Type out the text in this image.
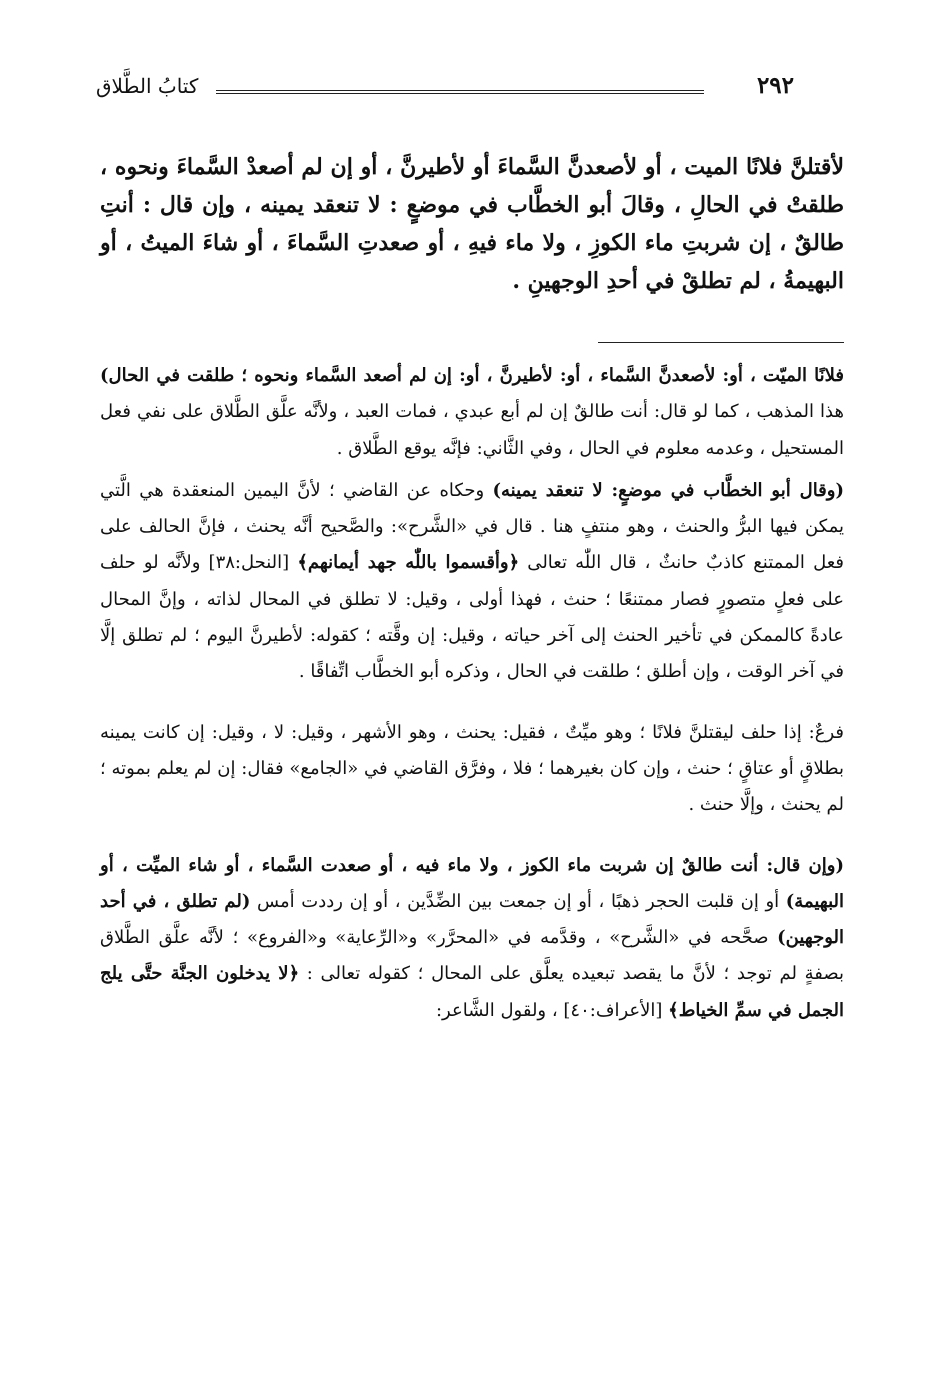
٢٩٢
كتابُ الطَّلاق

لأقتلنَّ فلانًا الميت ، أو لأصعدنَّ السَّماءَ أو لأطيرنَّ ، أو إن لم أصعدْ السَّماءَ ونحوه ، طلقتْ في الحالِ ، وقالَ أبو الخطَّاب في موضعٍ : لا تنعقد يمينه ، وإن قال : أنتِ طالقٌ ، إن شربتِ ماء الكوزِ ، ولا ماء فيهِ ، أو صعدتِ السَّماءَ ، أو شاءَ الميتُ ، أو البهيمةُ ، لم تطلقْ في أحدِ الوجهينِ .

فلانًا الميّت ، أو: لأصعدنَّ السَّماء ، أو: لأطيرنَّ ، أو: إن لم أصعد السَّماء ونحوه ؛ طلقت في الحال) هذا المذهب ، كما لو قال: أنت طالقٌ إن لم أبع عبدي ، فمات العبد ، ولأنَّه علَّق الطَّلاق على نفي فعل المستحيل ، وعدمه معلوم في الحال ، وفي الثَّاني: فإنَّه يوقع الطَّلاق .

(وقال أبو الخطَّاب في موضعٍ: لا تنعقد يمينه) وحكاه عن القاضي ؛ لأنَّ اليمين المنعقدة هي الَّتي يمكن فيها البرُّ والحنث ، وهو منتفٍ هنا . قال في «الشَّرح»: والصَّحيح أنَّه يحنث ، فإنَّ الحالف على فعل الممتنع كاذبٌ حانثٌ ، قال اللّٰه تعالى ﴿وأقسموا باللّٰه جهد أيمانهم﴾ [النحل:٣٨] ولأنَّه لو حلف على فعلٍ متصورٍ فصار ممتنعًا ؛ حنث ، فهذا أولى ، وقيل: لا تطلق في المحال لذاته ، وإنَّ المحال عادةً كالممكن في تأخير الحنث إلى آخر حياته ، وقيل: إن وقَّته ؛ كقوله: لأطيرنَّ اليوم ؛ لم تطلق إلَّا في آخر الوقت ، وإن أطلق ؛ طلقت في الحال ، وذكره أبو الخطَّاب اتِّفاقًا .

فرعٌ: إذا حلف ليقتلنَّ فلانًا ؛ وهو ميِّتٌ ، فقيل: يحنث ، وهو الأشهر ، وقيل: لا ، وقيل: إن كانت يمينه بطلاقٍ أو عتاقٍ ؛ حنث ، وإن كان بغيرهما ؛ فلا ، وفرَّق القاضي في «الجامع» فقال: إن لم يعلم بموته ؛ لم يحنث ، وإلَّا حنث .

(وإن قال: أنت طالقٌ إن شربت ماء الكوز ، ولا ماء فيه ، أو صعدت السَّماء ، أو شاء الميِّت ، أو البهيمة) أو إن قلبت الحجر ذهبًا ، أو إن جمعت بين الضِّدَّين ، أو إن رددت أمس (لم تطلق ، في أحد الوجهين) صحَّحه في «الشَّرح» ، وقدَّمه في «المحرَّر» و«الرِّعاية» و«الفروع» ؛ لأنَّه علَّق الطَّلاق بصفةٍ لم توجد ؛ لأنَّ ما يقصد تبعيده يعلَّق على المحال ؛ كقوله تعالى : ﴿لا يدخلون الجنَّة حتَّى يلج الجمل في سمِّ الخياط﴾ [الأعراف:٤٠] ، ولقول الشَّاعر:
